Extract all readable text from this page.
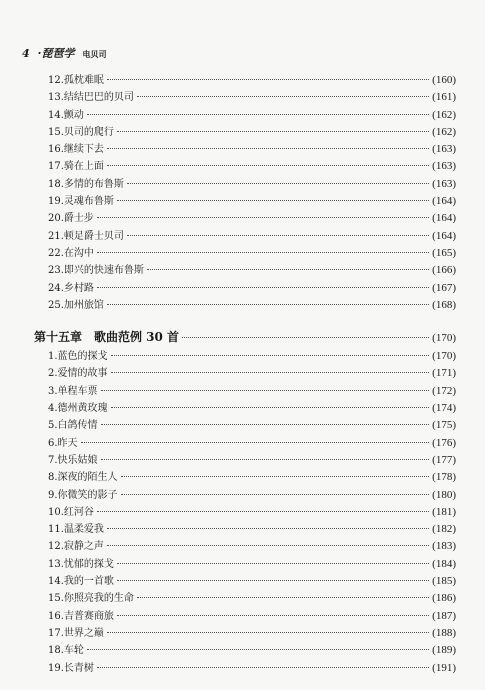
4 ·琵琶学 电贝司
12.孤枕难眠	(160)
13.结结巴巴的贝司	(161)
14.颤动	(162)
15.贝司的爬行	(162)
16.继续下去	(163)
17.骑在上面	(163)
18.多情的布鲁斯	(163)
19.灵魂布鲁斯	(164)
20.爵士步	(164)
21.顿足爵士贝司	(164)
22.在沟中	(165)
23.即兴的快速布鲁斯	(166)
24.乡村路	(167)
25.加州旅馆	(168)
第十五章　歌曲范例 30 首	(170)
1.蓝色的探戈	(170)
2.爱情的故事	(171)
3.单程车票	(172)
4.德州黄玫瑰	(174)
5.白鸽传情	(175)
6.昨天	(176)
7.快乐姑娘	(177)
8.深夜的陌生人	(178)
9.你微笑的影子	(180)
10.红河谷	(181)
11.温柔爱我	(182)
12.寂静之声	(183)
13.忧郁的探戈	(184)
14.我的一首歌	(185)
15.你照亮我的生命	(186)
16.吉普赛商旅	(187)
17.世界之巅	(188)
18.车轮	(189)
19.长青树	(191)
